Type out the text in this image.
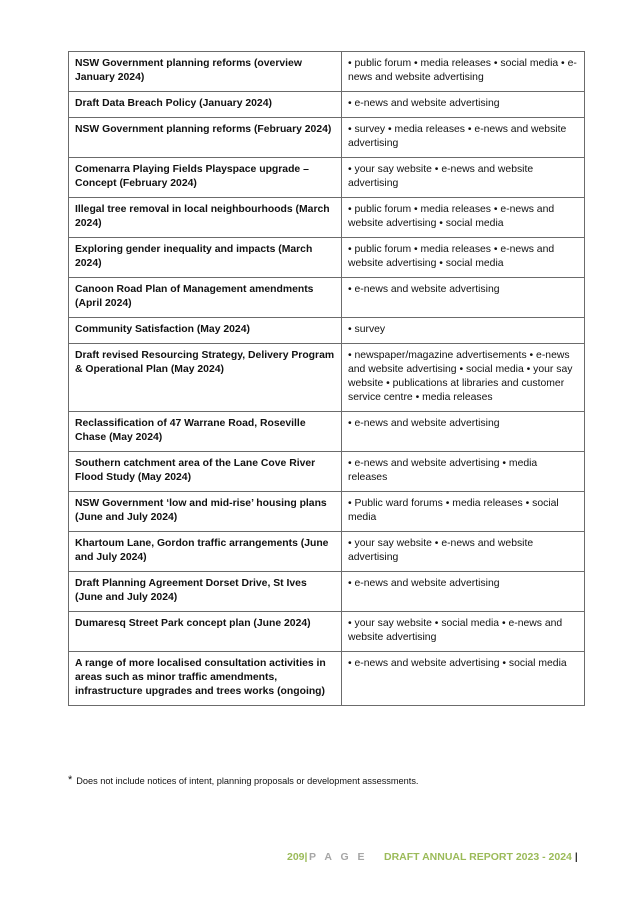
NSW Government planning reforms (overview January 2024)	• public forum • media releases • social media • e-news and website advertising
Draft Data Breach Policy (January 2024)	• e-news and website advertising
NSW Government planning reforms (February 2024)	• survey • media releases • e-news and website advertising
Comenarra Playing Fields Playspace upgrade – Concept (February 2024)	• your say website • e-news and website advertising
Illegal tree removal in local neighbourhoods (March 2024)	• public forum • media releases • e-news and website advertising • social media
Exploring gender inequality and impacts (March 2024)	• public forum • media releases • e-news and website advertising • social media
Canoon Road Plan of Management amendments (April 2024)	• e-news and website advertising
Community Satisfaction (May 2024)	• survey
Draft revised Resourcing Strategy, Delivery Program & Operational Plan (May 2024)	• newspaper/magazine advertisements • e-news and website advertising • social media • your say website • publications at libraries and customer service centre • media releases
Reclassification of 47 Warrane Road, Roseville Chase (May 2024)	• e-news and website advertising
Southern catchment area of the Lane Cove River Flood Study (May 2024)	• e-news and website advertising • media releases
NSW Government ‘low and mid-rise’ housing plans (June and July 2024)	• Public ward forums • media releases • social media
Khartoum Lane, Gordon traffic arrangements (June and July 2024)	• your say website • e-news and website advertising
Draft Planning Agreement Dorset Drive, St Ives (June and July 2024)	• e-news and website advertising
Dumaresq Street Park concept plan (June 2024)	• your say website • social media • e-news and website advertising
A range of more localised consultation activities in areas such as minor traffic amendments, infrastructure upgrades and trees works (ongoing)	• e-news and website advertising • social media
* Does not include notices of intent, planning proposals or development assessments.
209| P A G E DRAFT ANNUAL REPORT 2023 - 2024 |
